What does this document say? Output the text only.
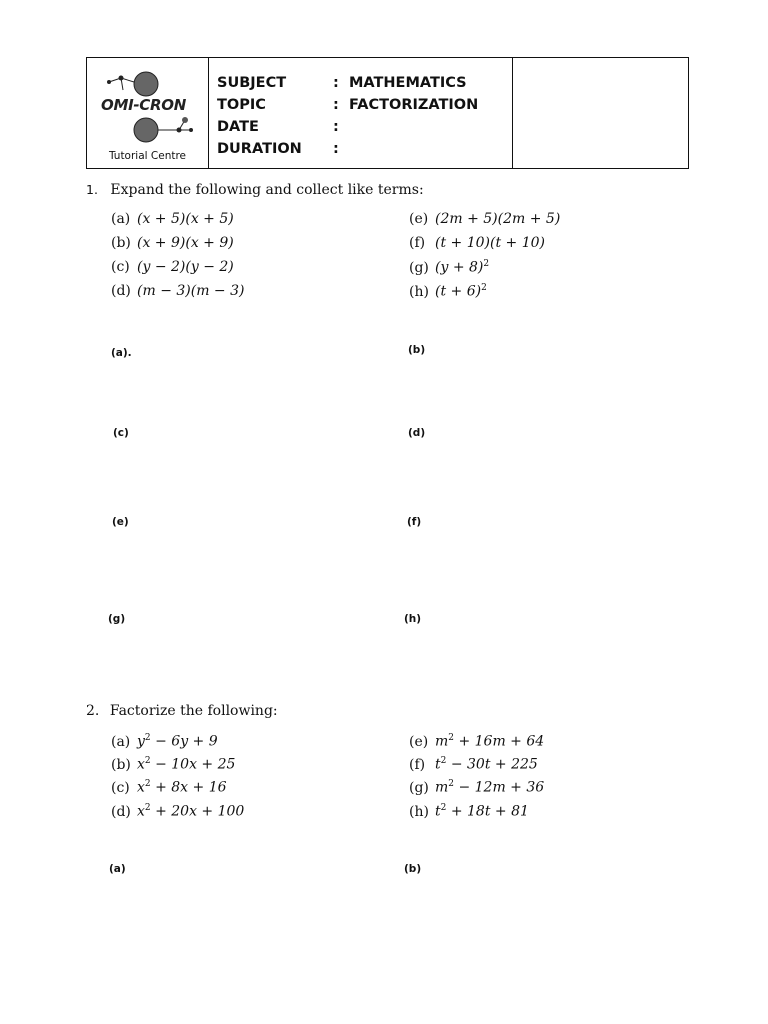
OMI-CRON
Tutorial Centre
SUBJECT	: MATHEMATICS
TOPIC	: FACTORIZATION
DATE	:
DURATION :
1. Expand the following and collect like terms:
(a) (x + 5)(x + 5)
(b) (x + 9)(x + 9)
(c) (y − 2)(y − 2)
(d) (m − 3)(m − 3)
(e) (2m + 5)(2m + 5)
(f) (t + 10)(t + 10)
(g) $(y + 8)^2$
(h) $(t + 6)^2$
(a).	(b)
(c)	(d)
(e)	(f)
(g)	(h)
2. Factorize the following:
(a) $y^2 - 6y + 9$
(b) $x^2 - 10x + 25$
(c) $x^2 + 8x + 16$
(d) $x^2 + 20x + 100$
(e) $m^2 + 16m + 64$
(f) $t^2 - 30t + 225$
(g) $m^2 - 12m + 36$
(h) $t^2 + 18t + 81$
(a)	(b)
